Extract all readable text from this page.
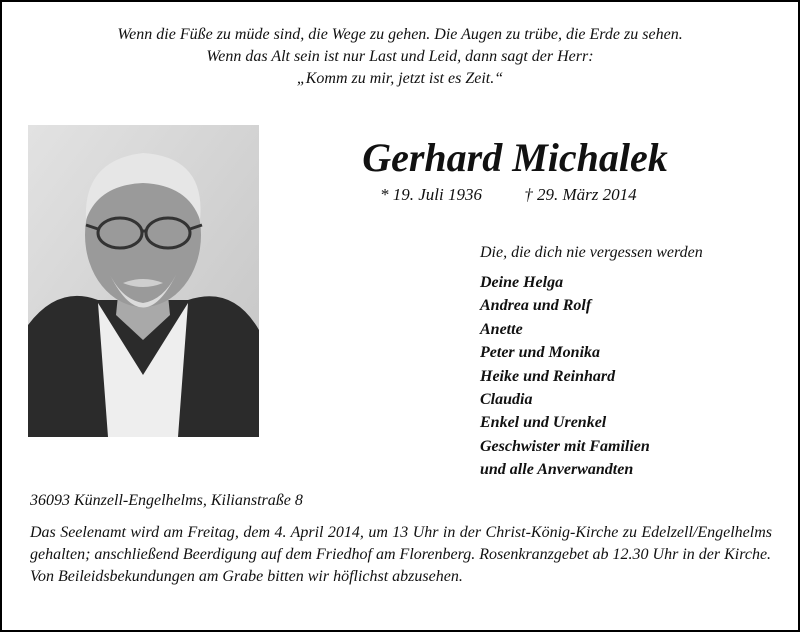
Wenn die Füße zu müde sind, die Wege zu gehen. Die Augen zu trübe, die Erde zu sehen.
Wenn das Alt sein ist nur Last und Leid, dann sagt der Herr:
„Komm zu mir, jetzt ist es Zeit.“
Gerhard Michalek
* 19. Juli 1936 † 29. März 2014
Die, die dich nie vergessen werden
Deine Helga
Andrea und Rolf
Anette
Peter und Monika
Heike und Reinhard
Claudia
Enkel und Urenkel
Geschwister mit Familien
und alle Anverwandten
36093 Künzell-Engelhelms, Kilianstraße 8

Das Seelenamt wird am Freitag, dem 4. April 2014, um 13 Uhr in der Christ-König-Kirche zu Edelzell/Engelhelms gehalten; anschließend Beerdigung auf dem Friedhof am Florenberg. Rosenkranzgebet ab 12.30 Uhr in der Kirche.

Von Beileidsbekundungen am Grabe bitten wir höflichst abzusehen.
